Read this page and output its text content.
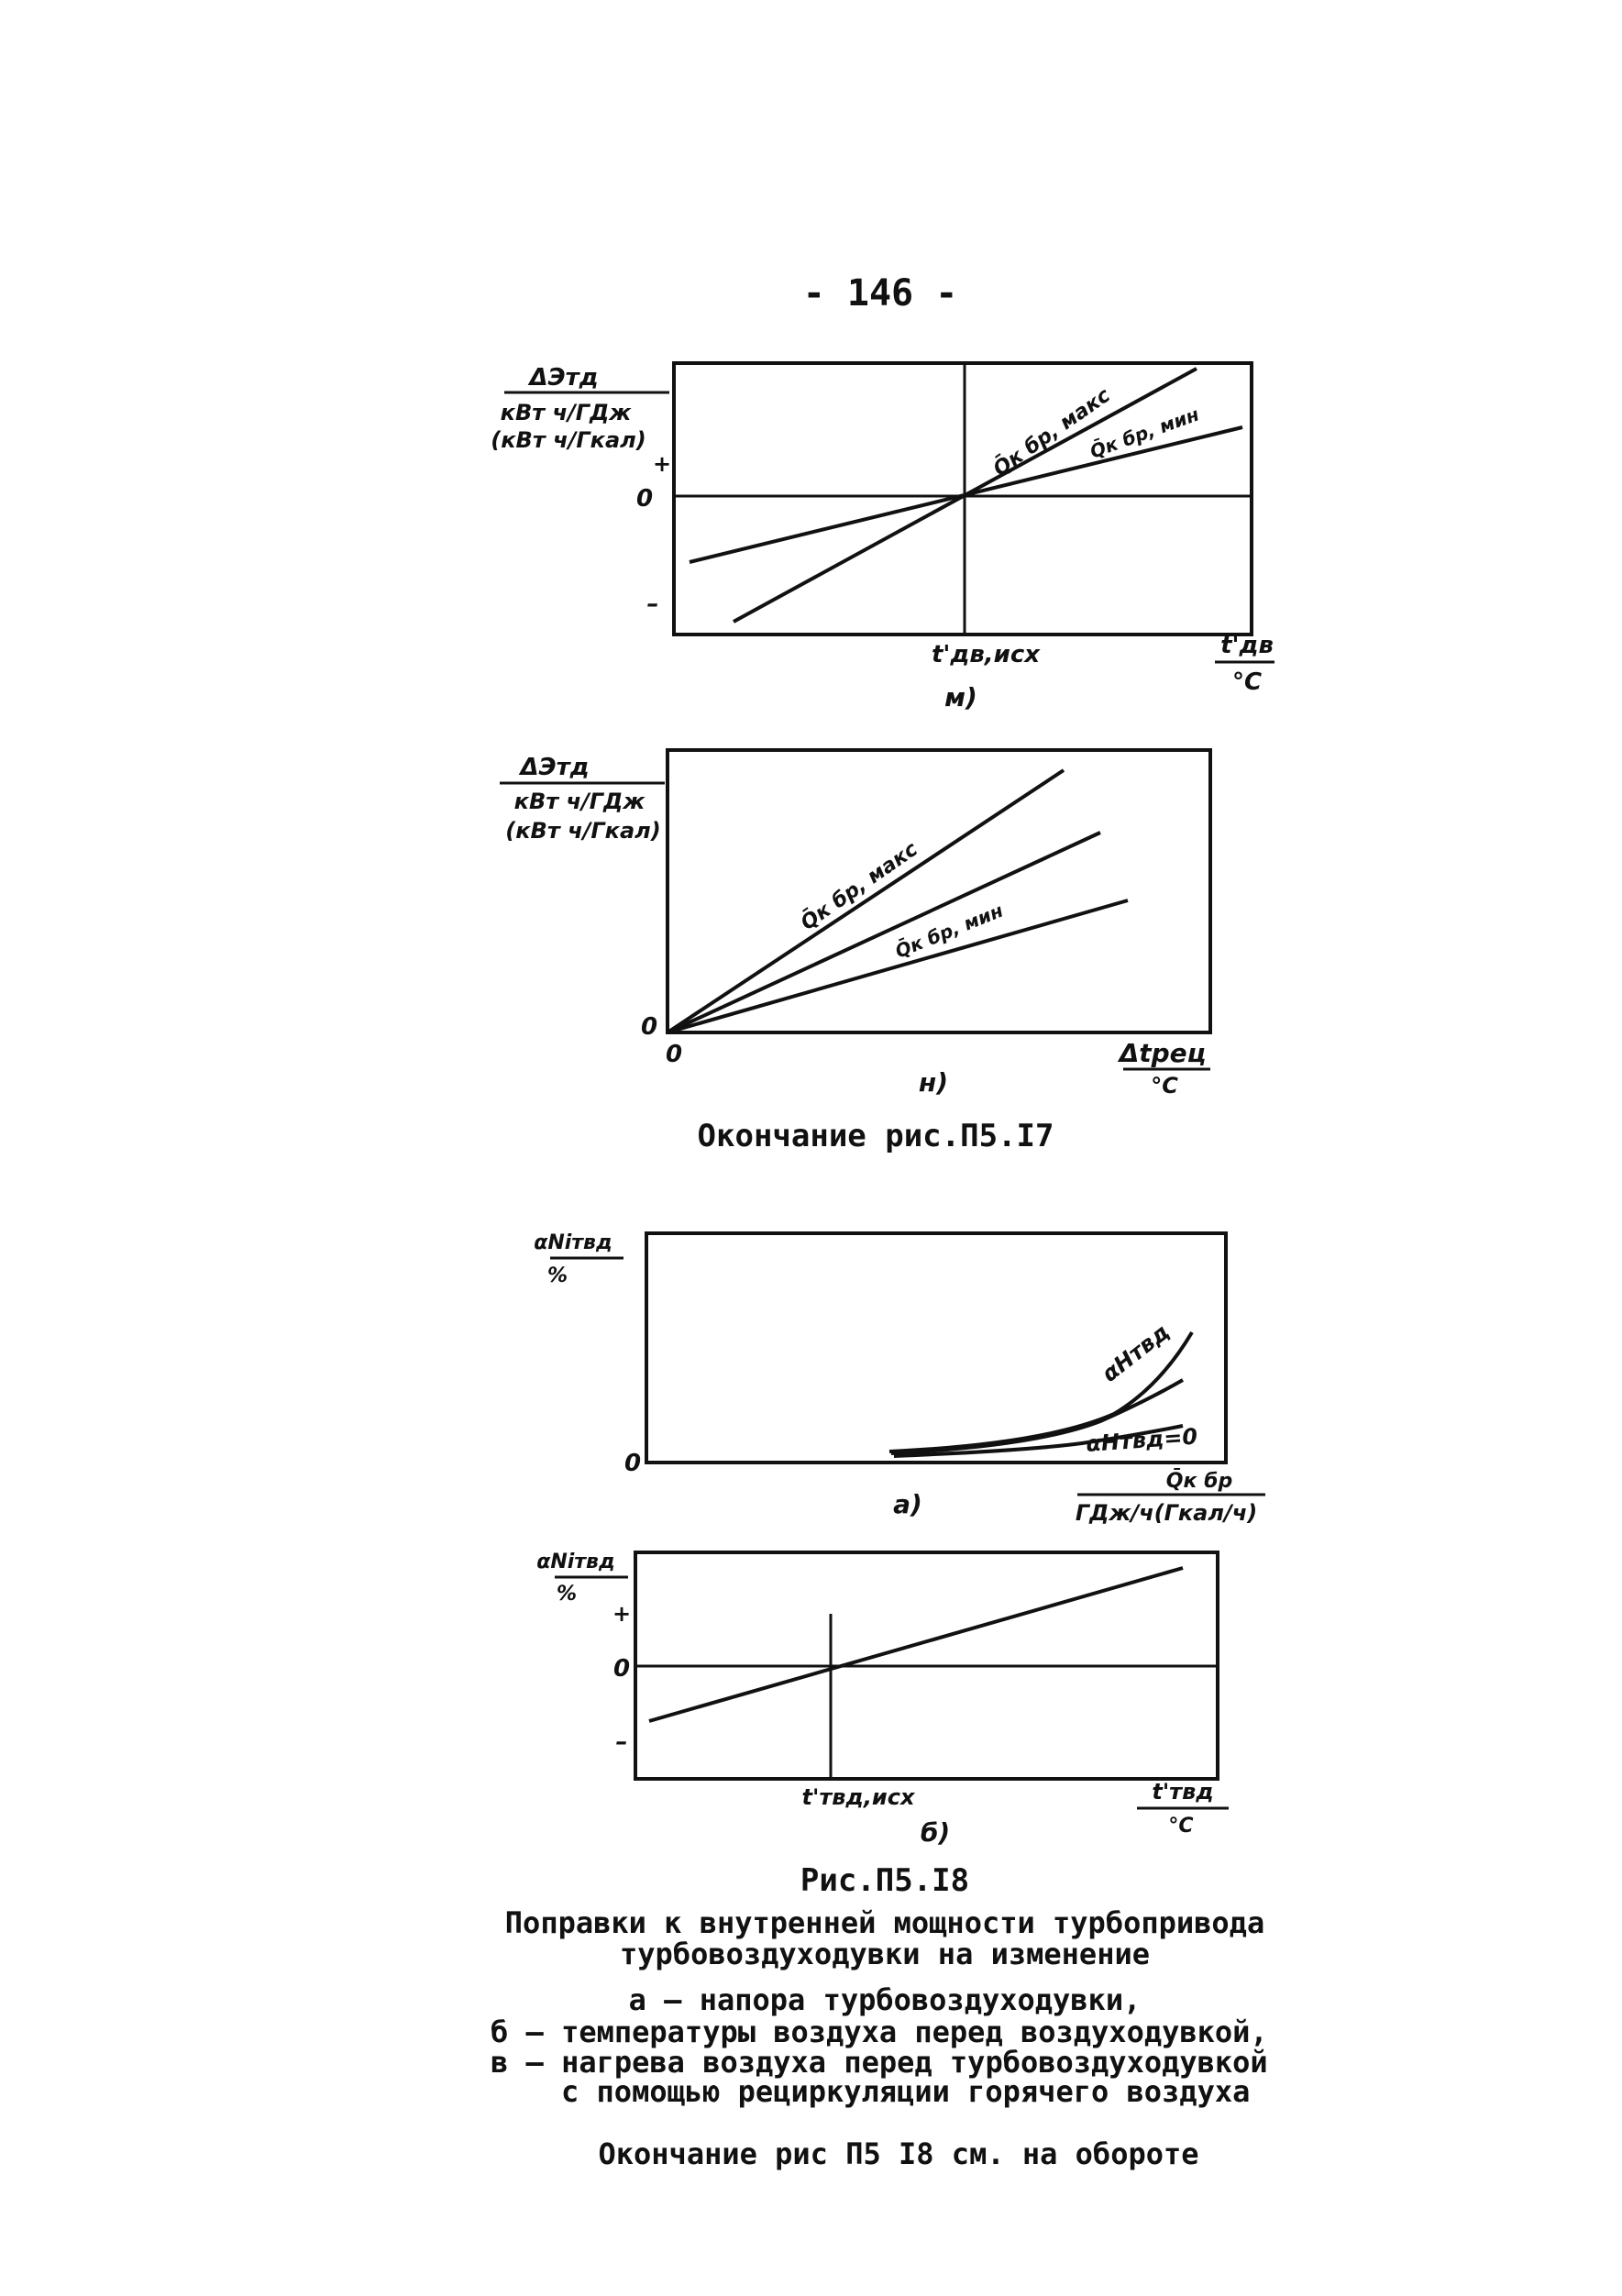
- 146 -
ΔЭтд
кВт ч/ГДж
(кВт ч/Гкал)
+
0
–
t'дв,исх	t'дв
°C
м)
Q̄к бр, макс
Q̄к бр, мин
ΔЭтд
кВт ч/ГДж
(кВт ч/Гкал)
0
0	Δtрец
°C
н)
Q̄к бр, макс
Q̄к бр, мин
Окончание рис.П5.I7
αNiтвд
%
0
αHтвд
αHтвд=0
Q̄к бр
ГДж/ч(Гкал/ч)
а)
αNiтвд
%
+
0
–
t'твд,исх	t'твд
°C
б)
Рис.П5.I8
Поправки к внутренней мощности турбопривода
турбовоздуходувки на изменение
а – напора турбовоздуходувки,
б – температуры воздуха перед воздуходувкой,
в – нагрева воздуха перед турбовоздуходувкой
с помощью рециркуляции горячего воздуха
Окончание рис П5 I8 см. на обороте
